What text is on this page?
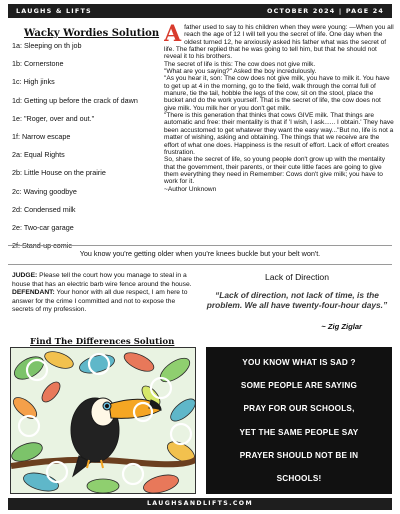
LAUGHS & LIFTS	OCTOBER 2024 | PAGE 24
Wacky Wordies Solution
1a: Sleeping on th job
1b: Cornerstone
1c: High jinks
1d: Getting up before the crack of dawn
1e: "Roger, over and out."
1f: Narrow escape
2a: Equal Rights
2b: Little House on the prairie
2c: Waving goodbye
2d: Condensed milk
2e: Two-car garage
A father used to say to his children when they were young: —When you all reach the age of 12 I will tell you the secret of life. One day when the oldest turned 12, he anxiously asked his father what was the secret of life. The father replied that he was going to tell him, but that he should not reveal it to his brothers.

The secret of life is this: The cow does not give milk.

"What are you saying?" Asked the boy incredulously.

"As you hear it, son: The cow does not give milk, you have to milk it. You have to get up at 4 in the morning, go to the field, walk through the corral full of manure, tie the tail, hobble the legs of the cow, sit on the stool, place the bucket and do the work yourself. That is the secret of life, the cow does not give milk. You milk her or you don't get milk.

"There is this generation that thinks that cows GIVE milk. That things are automatic and free: their mentality is that if 'I wish, I ask...... I obtain.' They have been accustomed to get whatever they want the easy way..."But no, life is not a matter of wishing, asking and obtaining. The things that we receive are the effort of what one does. Happiness is the result of effort. Lack of effort creates frustration.

So, share the secret of life, so young people don't grow up with the mentality that the government, their parents, or their cute little faces are going to give them everything they need in Remember: Cows don't give milk; you have to work for it.

~Author Unknown

You know you're getting older when you're knees buckle but your belt won't.
JUDGE: Please tell the court how you manage to steal in a house that has an electric barb wire fence around the house.
DEFENDANT: Your honor with all due respect, I am here to answer for the crime I committed and not to expose the secrets of my profession.
Lack of Direction
“Lack of direction, not lack of time, is the problem. We all have twenty-four-hour days.”
~ Zig Ziglar
Find The Differences Solution
YOU KNOW WHAT IS SAD ?
SOME PEOPLE ARE SAYING
PRAY FOR OUR SCHOOLS,
YET THE SAME PEOPLE SAY
PRAYER SHOULD NOT BE IN
SCHOOLS!
LAUGHSANDLIFTS.COM
